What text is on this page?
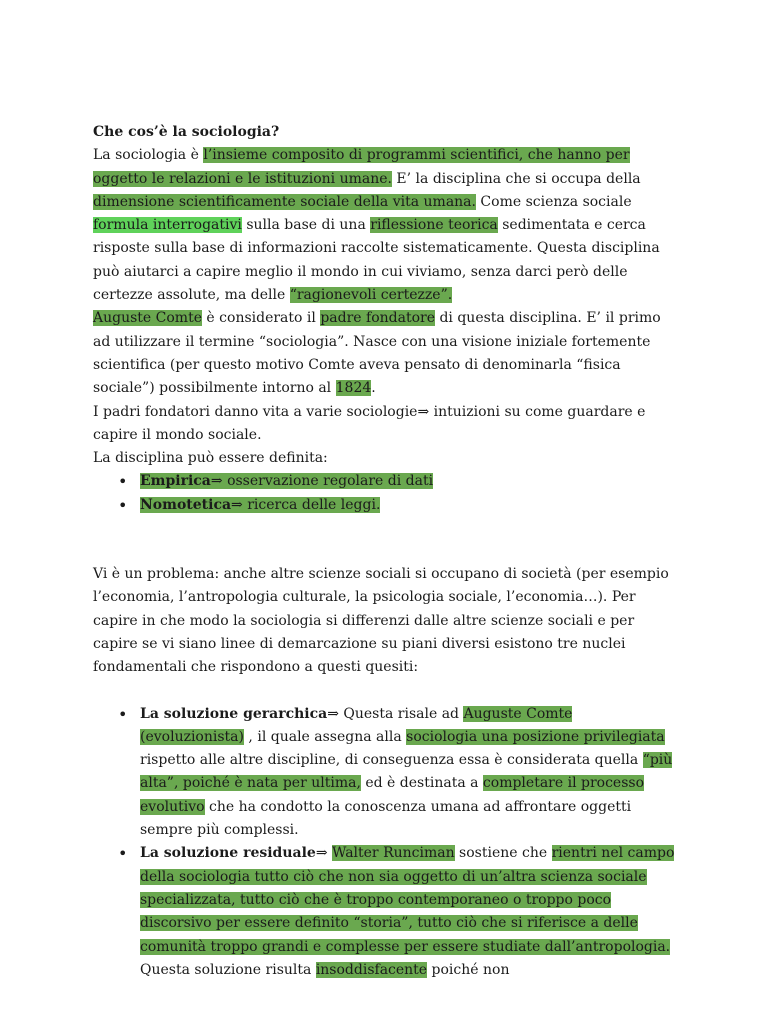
Che cos’è la sociologia?

La sociologia è l’insieme composito di programmi scientifici, che hanno per oggetto le relazioni e le istituzioni umane. E’ la disciplina che si occupa della dimensione scientificamente sociale della vita umana. Come scienza sociale formula interrogativi sulla base di una riflessione teorica sedimentata e cerca risposte sulla base di informazioni raccolte sistematicamente. Questa disciplina può aiutarci a capire meglio il mondo in cui viviamo, senza darci però delle certezze assolute, ma delle “ragionevoli certezze”.

Auguste Comte è considerato il padre fondatore di questa disciplina. E’ il primo ad utilizzare il termine “sociologia”. Nasce con una visione iniziale fortemente scientifica (per questo motivo Comte aveva pensato di denominarla “fisica sociale”) possibilmente intorno al 1824.

I padri fondatori danno vita a varie sociologie⇒ intuizioni su come guardare e capire il mondo sociale.

La disciplina può essere definita:

• Empirica⇒ osservazione regolare di dati
• Nomotetica⇒ ricerca delle leggi.

Vi è un problema: anche altre scienze sociali si occupano di società (per esempio l’economia, l’antropologia culturale, la psicologia sociale, l’economia…). Per capire in che modo la sociologia si differenzi dalle altre scienze sociali e per capire se vi siano linee di demarcazione su piani diversi esistono tre nuclei fondamentali che rispondono a questi quesiti:

• La soluzione gerarchica⇒ Questa risale ad Auguste Comte (evoluzionista) , il quale assegna alla sociologia una posizione privilegiata rispetto alle altre discipline, di conseguenza essa è considerata quella “più alta”, poiché è nata per ultima, ed è destinata a completare il processo evolutivo che ha condotto la conoscenza umana ad affrontare oggetti sempre più complessi.
• La soluzione residuale⇒ Walter Runciman sostiene che rientri nel campo della sociologia tutto ciò che non sia oggetto di un’altra scienza sociale specializzata, tutto ciò che è troppo contemporaneo o troppo poco discorsivo per essere definito “storia”, tutto ciò che si riferisce a delle comunità troppo grandi e complesse per essere studiate dall’antropologia. Questa soluzione risulta insoddisfacente poiché non
